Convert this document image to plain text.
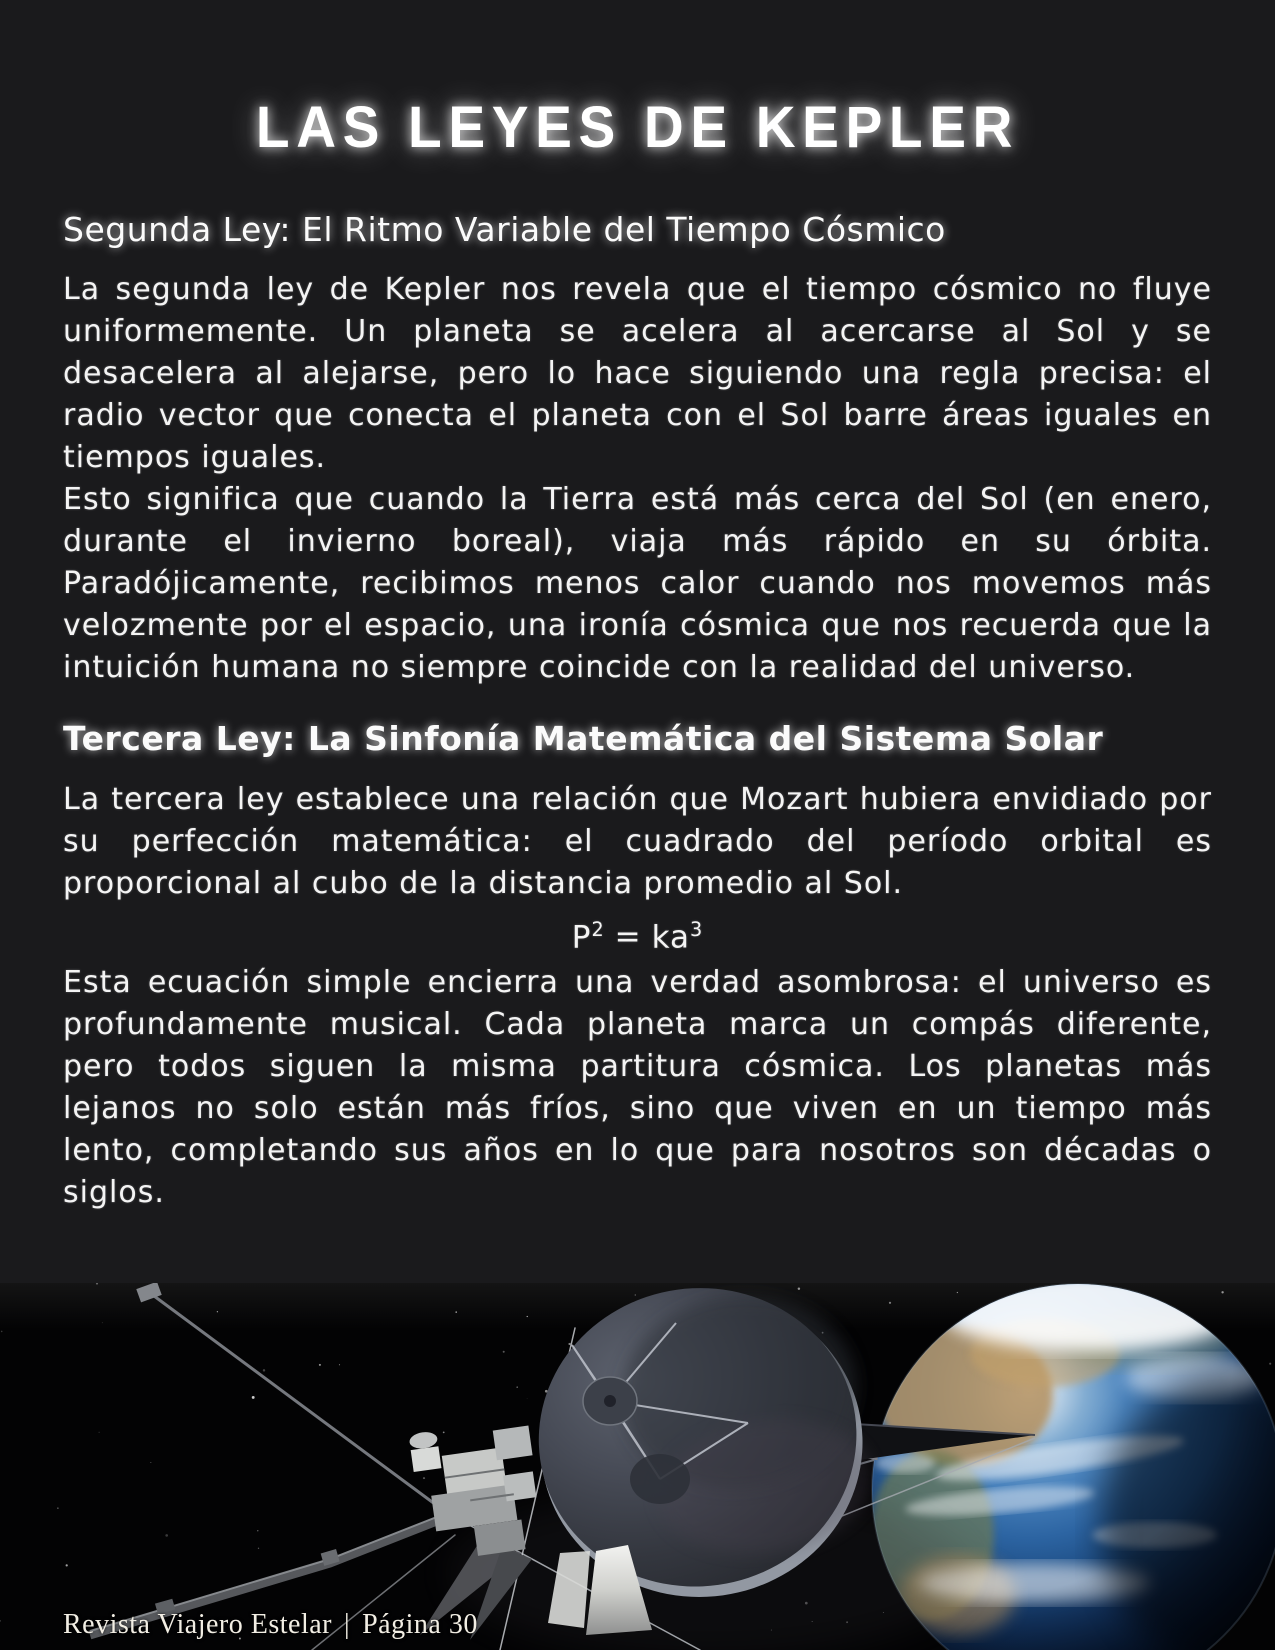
LAS LEYES DE KEPLER
Segunda Ley: El Ritmo Variable del Tiempo Cósmico

La segunda ley de Kepler nos revela que el tiempo cósmico no fluye uniformemente. Un planeta se acelera al acercarse al Sol y se desacelera al alejarse, pero lo hace siguiendo una regla precisa: el radio vector que conecta el planeta con el Sol barre áreas iguales en tiempos iguales.

Esto significa que cuando la Tierra está más cerca del Sol (en enero, durante el invierno boreal), viaja más rápido en su órbita. Paradójicamente, recibimos menos calor cuando nos movemos más velozmente por el espacio, una ironía cósmica que nos recuerda que la intuición humana no siempre coincide con la realidad del universo.

Tercera Ley: La Sinfonía Matemática del Sistema Solar

La tercera ley establece una relación que Mozart hubiera envidiado por su perfección matemática: el cuadrado del período orbital es proporcional al cubo de la distancia promedio al Sol.

$P^2 = ka^3$

Esta ecuación simple encierra una verdad asombrosa: el universo es profundamente musical. Cada planeta marca un compás diferente, pero todos siguen la misma partitura cósmica. Los planetas más lejanos no solo están más fríos, sino que viven en un tiempo más lento, completando sus años en lo que para nosotros son décadas o siglos.

Revista Viajero Estelar | Página 30
